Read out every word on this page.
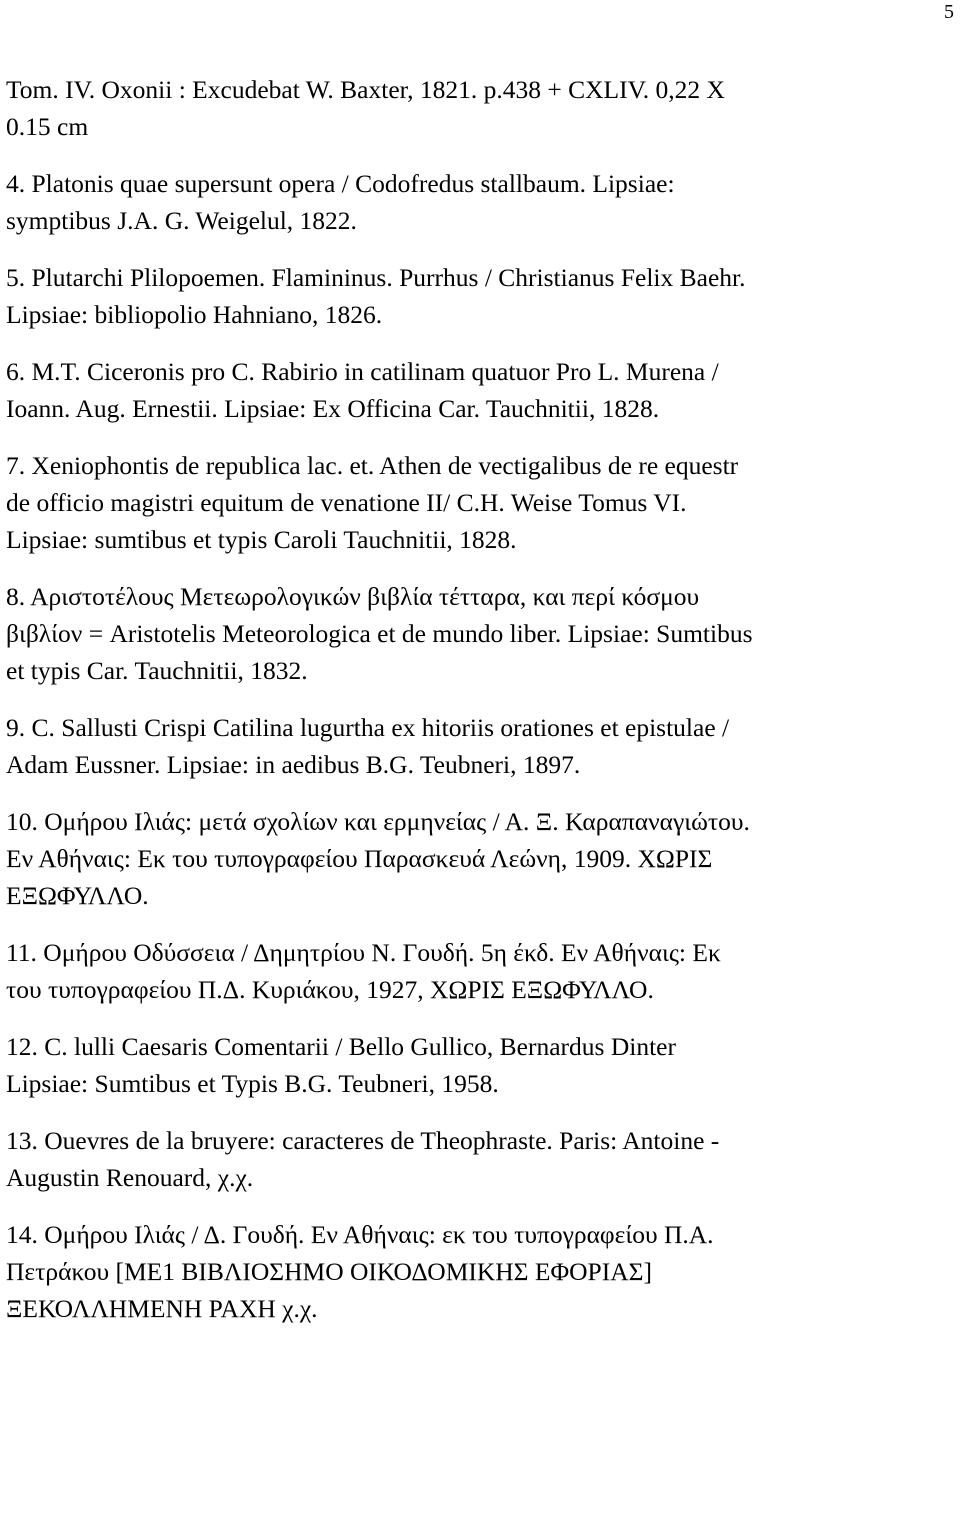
5
Tom. IV. Oxonii : Excudebat W. Baxter, 1821. p.438 + CXLIV. 0,22 X
0.15 cm
4. Platonis quae supersunt opera / Codofredus stallbaum. Lipsiae:
symptibus J.A. G. Weigelul, 1822.
5. Plutarchi Plilopoemen. Flamininus. Purrhus / Christianus Felix Baehr.
Lipsiae: bibliopolio Hahniano, 1826.
6. M.T. Ciceronis pro C. Rabirio in catilinam quatuor Pro L. Murena /
Ioann. Aug. Ernestii. Lipsiae: Ex Officina Car. Tauchnitii, 1828.
7. Xeniophontis de republica lac. et. Athen de vectigalibus de re equestr
de officio magistri equitum de venatione II/ C.H. Weise Tomus VI.
Lipsiae: sumtibus et typis Caroli Tauchnitii, 1828.
8. Αριστοτέλους Μετεωρολογικών βιβλία τέτταρα, και περί κόσμου
βιβλίον = Aristotelis Meteorologica et de mundo liber. Lipsiae: Sumtibus
et typis Car. Tauchnitii, 1832.
9. C. Sallusti Crispi Catilina lugurtha ex hitoriis orationes et epistulae /
Adam Eussner. Lipsiae: in aedibus B.G. Teubneri, 1897.
10. Ομήρου Ιλιάς: μετά σχολίων και ερμηνείας / Α. Ξ. Καραπαναγιώτου.
Εν Αθήναις: Εκ του τυπογραφείου Παρασκευά Λεώνη, 1909. ΧΩΡΙΣ
ΕΞΩΦΥΛΛΟ.
11. Ομήρου Οδύσσεια / Δημητρίου Ν. Γουδή. 5η έκδ. Εν Αθήναις: Εκ
του τυπογραφείου Π.Δ. Κυριάκου, 1927, ΧΩΡΙΣ ΕΞΩΦΥΛΛΟ.
12. C. lulli Caesaris Comentarii / Bello Gullico, Bernardus Dinter
Lipsiae: Sumtibus et Typis B.G. Teubneri, 1958.
13. Ouevres de la bruyere: caracteres de Theophraste. Paris: Antoine -
Augustin Renouard, χ.χ.
14. Ομήρου Ιλιάς / Δ. Γουδή. Εν Αθήναις: εκ του τυπογραφείου Π.Α.
Πετράκου [ΜΕ1 ΒΙΒΛΙΟΣΗΜΟ ΟΙΚΟΔΟΜΙΚΗΣ ΕΦΟΡΙΑΣ]
ΞΕΚΟΛΛΗΜΕΝΗ ΡΑΧΗ χ.χ.
